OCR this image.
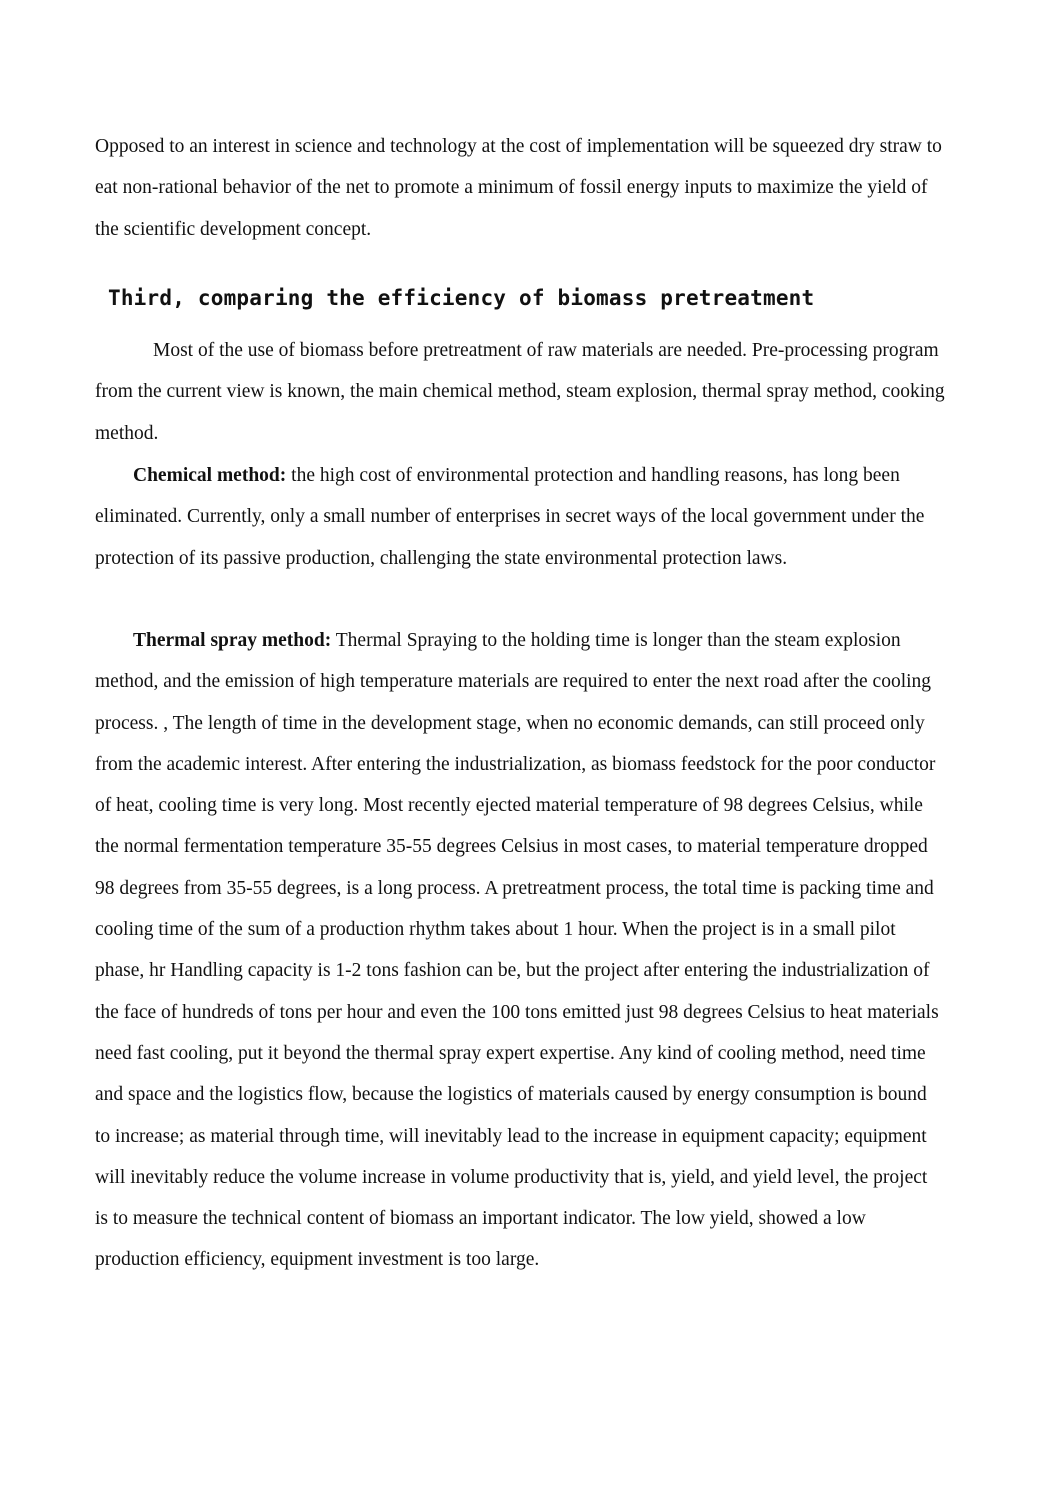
Opposed to an interest in science and technology at the cost of implementation will be squeezed dry straw to eat non-rational behavior of the net to promote a minimum of fossil energy inputs to maximize the yield of the scientific development concept.

Third, comparing the efficiency of biomass pretreatment

Most of the use of biomass before pretreatment of raw materials are needed. Pre-processing program from the current view is known, the main chemical method, steam explosion, thermal spray method, cooking method.

Chemical method: the high cost of environmental protection and handling reasons, has long been eliminated. Currently, only a small number of enterprises in secret ways of the local government under the protection of its passive production, challenging the state environmental protection laws.

Thermal spray method: Thermal Spraying to the holding time is longer than the steam explosion method, and the emission of high temperature materials are required to enter the next road after the cooling process. , The length of time in the development stage, when no economic demands, can still proceed only from the academic interest. After entering the industrialization, as biomass feedstock for the poor conductor of heat, cooling time is very long. Most recently ejected material temperature of 98 degrees Celsius, while the normal fermentation temperature 35-55 degrees Celsius in most cases, to material temperature dropped 98 degrees from 35-55 degrees, is a long process. A pretreatment process, the total time is packing time and cooling time of the sum of a production rhythm takes about 1 hour. When the project is in a small pilot phase, hr Handling capacity is 1-2 tons fashion can be, but the project after entering the industrialization of the face of hundreds of tons per hour and even the 100 tons emitted just 98 degrees Celsius to heat materials need fast cooling, put it beyond the thermal spray expert expertise. Any kind of cooling method, need time and space and the logistics flow, because the logistics of materials caused by energy consumption is bound to increase; as material through time, will inevitably lead to the increase in equipment capacity; equipment will inevitably reduce the volume increase in volume productivity that is, yield, and yield level, the project is to measure the technical content of biomass an important indicator. The low yield, showed a low production efficiency, equipment investment is too large.
